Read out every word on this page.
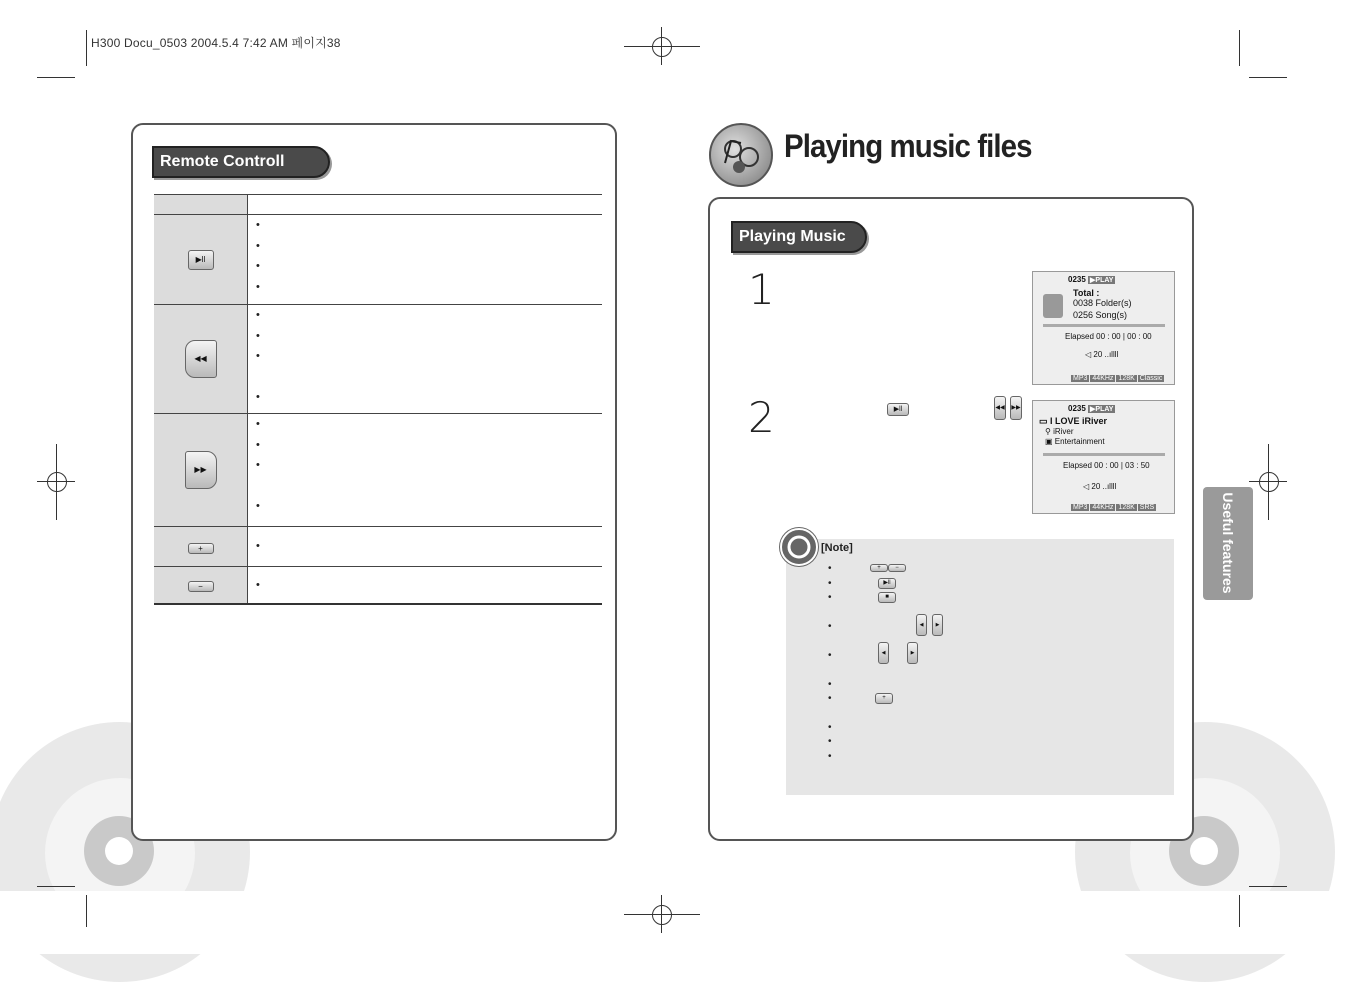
H300 Docu_0503 2004.5.4 7:42 AM 페이지38
Remote Controll

▶ll	•
•
•
•

◀◀	•
•
•
•

▶▶	•
•
•
•

+	•

−	•
Playing music files
Playing Music
1
2	▶ll	◀◀ ▶▶
0235 ▶PLAY
Total :
0038 Folder(s)
0256 Song(s)
Elapsed 00 : 00 | 00 : 00
◁ 20 ..ıllll
MP3 44KHz 128K Classic
0235 ▶PLAY
▭ I LOVE iRiver
⚲ iRiver
▣ Entertainment
Elapsed 00 : 00 | 03 : 50
◁ 20 ..ıllll
MP3 44KHz 128K SRS
[Note]
•	+	−
•	▶ll
•	■
•	◀	▶
•	◀	▶
•
•	+
•
•
•
Useful features
